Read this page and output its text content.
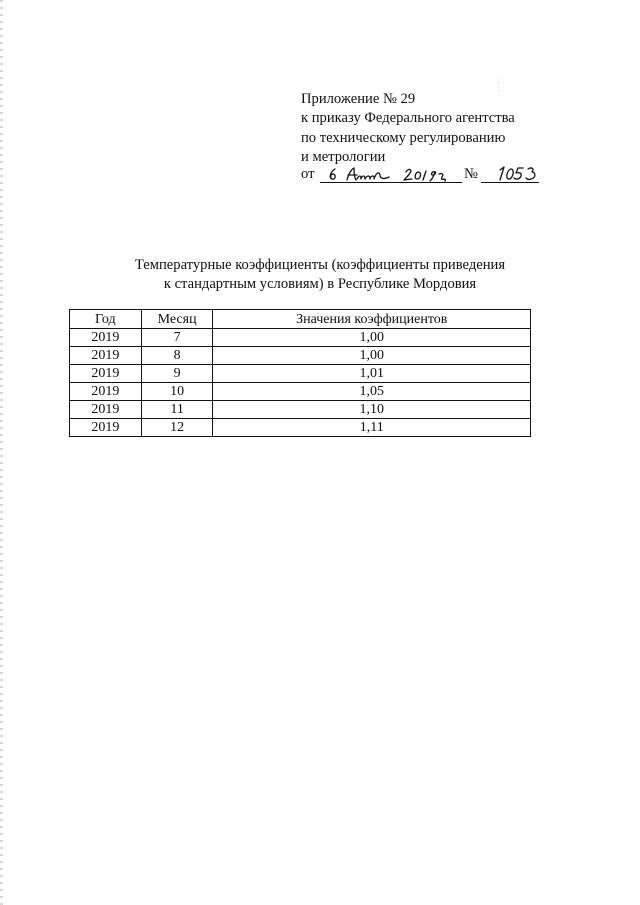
Приложение № 29
к приказу Федерального агентства
по техническому регулированию
и метрологии
от	№
Температурные коэффициенты (коэффициенты приведения
к стандартным условиям) в Республике Мордовия
Год	Месяц	Значения коэффициентов
2019	7	1,00
2019	8	1,00
2019	9	1,01
2019	10	1,05
2019	11	1,10
2019	12	1,11
